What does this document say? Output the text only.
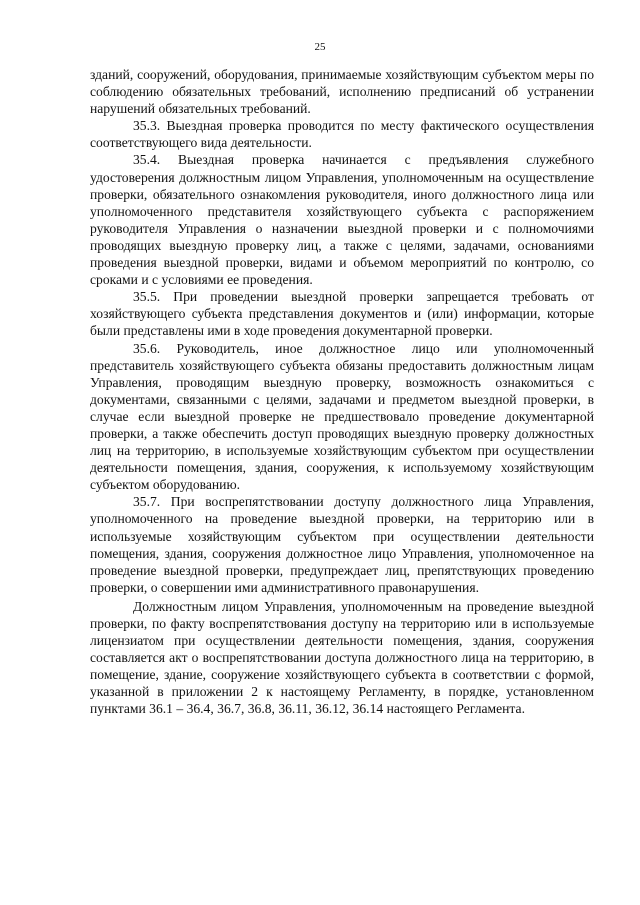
25

зданий, сооружений, оборудования, принимаемые хозяйствующим субъектом меры по соблюдению обязательных требований, исполнению предписаний об устранении нарушений обязательных требований.

35.3. Выездная проверка проводится по месту фактического осуществления соответствующего вида деятельности.

35.4. Выездная проверка начинается с предъявления служебного удостоверения должностным лицом Управления, уполномоченным на осуществление проверки, обязательного ознакомления руководителя, иного должностного лица или уполномоченного представителя хозяйствующего субъекта с распоряжением руководителя Управления о назначении выездной проверки и с полномочиями проводящих выездную проверку лиц, а также с целями, задачами, основаниями проведения выездной проверки, видами и объемом мероприятий по контролю, со сроками и с условиями ее проведения.

35.5. При проведении выездной проверки запрещается требовать от хозяйствующего субъекта представления документов и (или) информации, которые были представлены ими в ходе проведения документарной проверки.

35.6. Руководитель, иное должностное лицо или уполномоченный представитель хозяйствующего субъекта обязаны предоставить должностным лицам Управления, проводящим выездную проверку, возможность ознакомиться с документами, связанными с целями, задачами и предметом выездной проверки, в случае если выездной проверке не предшествовало проведение документарной проверки, а также обеспечить доступ проводящих выездную проверку должностных лиц на территорию, в используемые хозяйствующим субъектом при осуществлении деятельности помещения, здания, сооружения, к используемому хозяйствующим субъектом оборудованию.

35.7. При воспрепятствовании доступу должностного лица Управления, уполномоченного на проведение выездной проверки, на территорию или в используемые хозяйствующим субъектом при осуществлении деятельности помещения, здания, сооружения должностное лицо Управления, уполномоченное на проведение выездной проверки, предупреждает лиц, препятствующих проведению проверки, о совершении ими административного правонарушения.

Должностным лицом Управления, уполномоченным на проведение выездной проверки, по факту воспрепятствования доступу на территорию или в используемые лицензиатом при осуществлении деятельности помещения, здания, сооружения составляется акт о воспрепятствовании доступа должностного лица на территорию, в помещение, здание, сооружение хозяйствующего субъекта в соответствии с формой, указанной в приложении 2 к настоящему Регламенту, в порядке, установленном пунктами 36.1 – 36.4, 36.7, 36.8, 36.11, 36.12, 36.14 настоящего Регламента.
